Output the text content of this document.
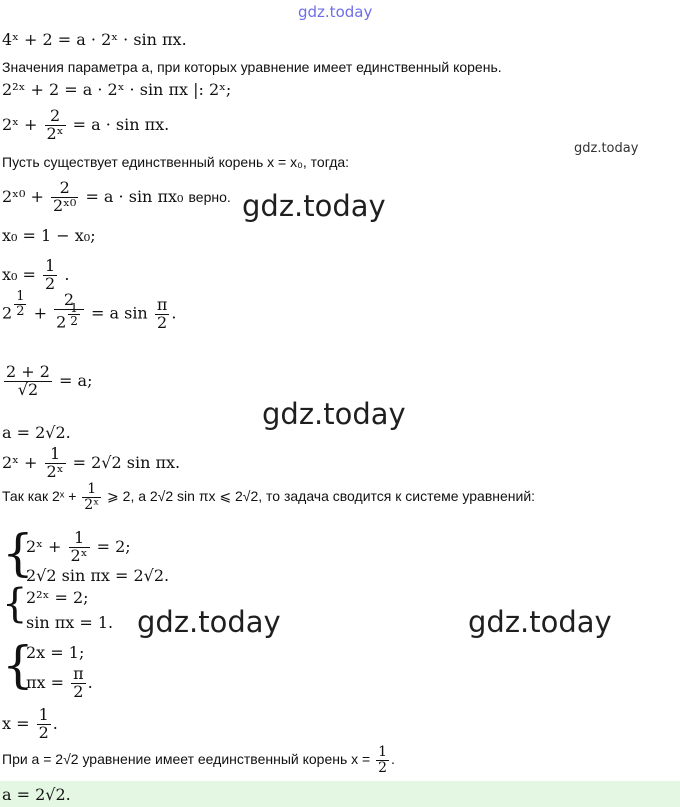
gdz.today
gdz.today
gdz.today
gdz.today
gdz.today	gdz.today
4ˣ + 2 = a · 2ˣ · sin πx.
Значения параметра a, при которых уравнение имеет единственный корень.
2²ˣ + 2 = a · 2ˣ · sin πx |: 2ˣ;
2ˣ + $\frac{2}{\text{2ˣ}} = a \cdot \sin \pi x$.
Пусть существует единственный корень x = x₀, тогда:
2ˣ⁰ + $\frac{2}{\text{2ˣ⁰}} = a \cdot \sin \pi x_0$ верно.
x₀ = 1 − x₀;
$x_0 = \frac{1}{2}$ .
$2 \frac{1}{2} + \frac{2}{2 \frac{1}{2}} = a$ $\sin \frac{\pi}{2}$ .
$\frac{2 + 2}{√2} = a$;
a = 2√2.
2ˣ + $\frac{1}{\text{2ˣ}} = 2√2$ sin πx.
Так как 2ˣ + $\frac{1}{\text{2ˣ}}$ ⩾ 2, а 2√2 sin πx ⩽ 2√2, то задача сводится к системе уравнений:
{
2ˣ + $\frac{1}{\text{2ˣ}} = 2$;
2√2 sin πx = 2√2.
{
2²ˣ = 2;
sin πx = 1.
{
2x = 1;
$\pi x = \frac{\pi}{2}$ .
$x = \frac{1}{2}$ .
При a = 2√2 уравнение имеет еединственный корень $x = \frac{1}{2}$ .
a = 2√2.
